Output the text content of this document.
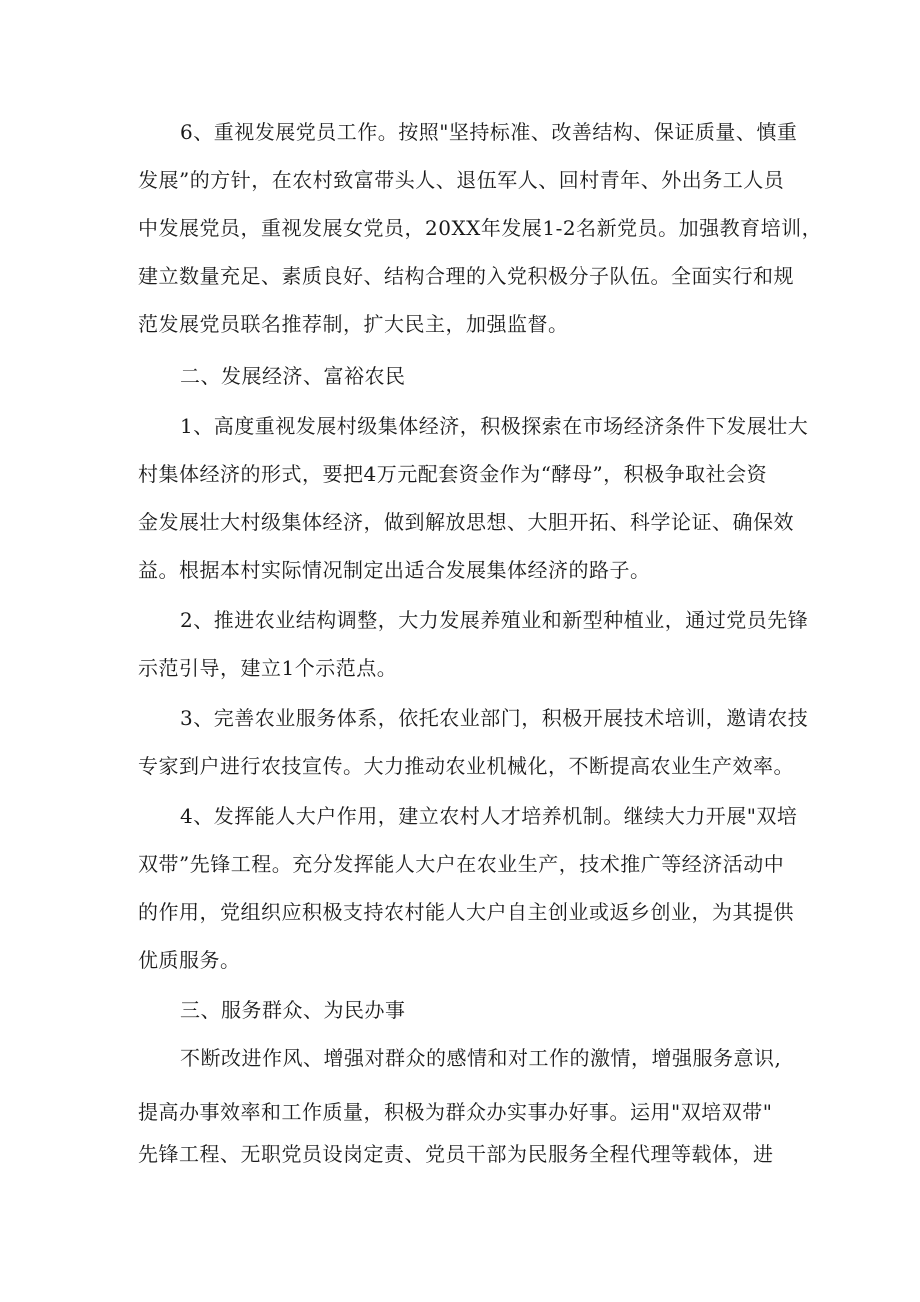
6、重视发展党员工作。按照"坚持标准、改善结构、保证质量、慎重
发展”的方针，在农村致富带头人、退伍军人、回村青年、外出务工人员
中发展党员，重视发展女党员，20XX年发展1-2名新党员。加强教育培训，
建立数量充足、素质良好、结构合理的入党积极分子队伍。全面实行和规
范发展党员联名推荐制，扩大民主，加强监督。
二、发展经济、富裕农民
1、高度重视发展村级集体经济，积极探索在市场经济条件下发展壮大
村集体经济的形式，要把4万元配套资金作为“酵母”，积极争取社会资
金发展壮大村级集体经济，做到解放思想、大胆开拓、科学论证、确保效
益。根据本村实际情况制定出适合发展集体经济的路子。
2、推进农业结构调整，大力发展养殖业和新型种植业，通过党员先锋
示范引导，建立1个示范点。
3、完善农业服务体系，依托农业部门，积极开展技术培训，邀请农技
专家到户进行农技宣传。大力推动农业机械化，不断提高农业生产效率。
4、发挥能人大户作用，建立农村人才培养机制。继续大力开展"双培
双带”先锋工程。充分发挥能人大户在农业生产，技术推广等经济活动中
的作用，党组织应积极支持农村能人大户自主创业或返乡创业，为其提供
优质服务。
三、服务群众、为民办事
不断改进作风、增强对群众的感情和对工作的激情，增强服务意识,
提高办事效率和工作质量，积极为群众办实事办好事。运用"双培双带"
先锋工程、无职党员设岗定责、党员干部为民服务全程代理等载体，进
